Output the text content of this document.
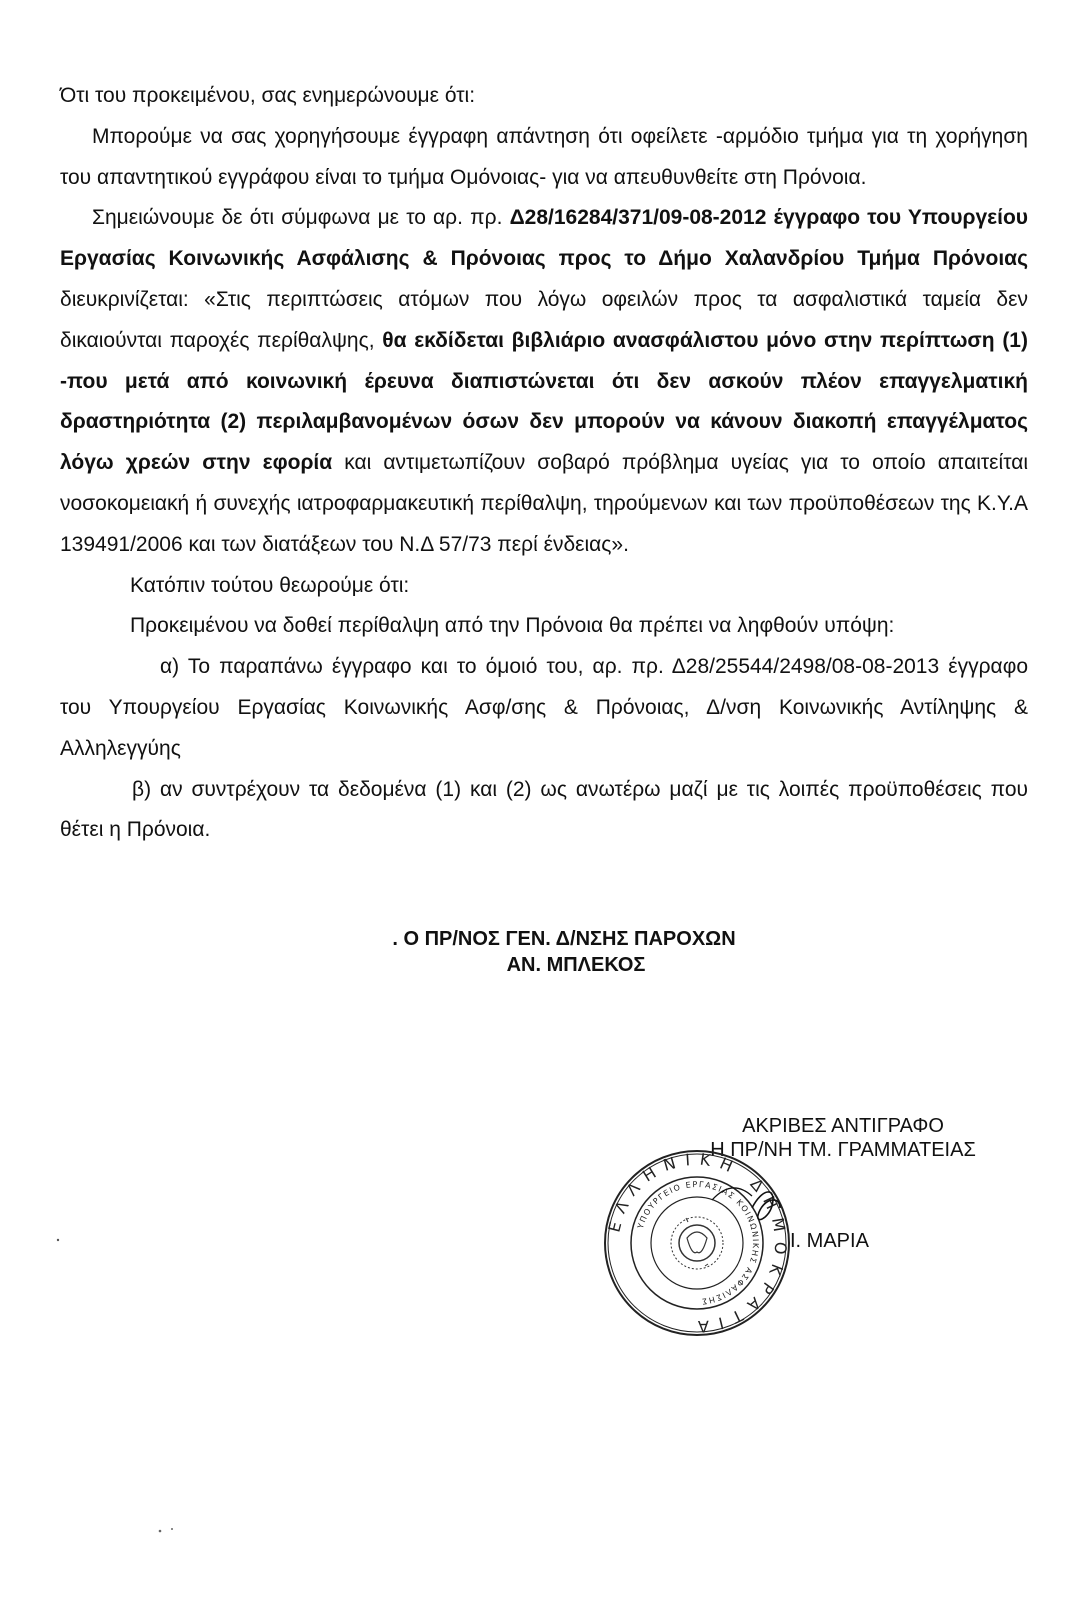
Ότι του προκειμένου, σας ενημερώνουμε ότι:

Μπορούμε να σας χορηγήσουμε έγγραφη απάντηση ότι οφείλετε -αρμόδιο τμήμα για τη χορήγηση του απαντητικού εγγράφου είναι το τμήμα Ομόνοιας- για να απευθυνθείτε στη Πρόνοια.

Σημειώνουμε δε ότι σύμφωνα με το αρ. πρ. Δ28/16284/371/09-08-2012 έγγραφο του Υπουργείου Εργασίας Κοινωνικής Ασφάλισης & Πρόνοιας προς το Δήμο Χαλανδρίου Τμήμα Πρόνοιας διευκρινίζεται: «Στις περιπτώσεις ατόμων που λόγω οφειλών προς τα ασφαλιστικά ταμεία δεν δικαιούνται παροχές περίθαλψης, θα εκδίδεται βιβλιάριο ανασφάλιστου μόνο στην περίπτωση (1) -που μετά από κοινωνική έρευνα διαπιστώνεται ότι δεν ασκούν πλέον επαγγελματική δραστηριότητα (2) περιλαμβανομένων όσων δεν μπορούν να κάνουν διακοπή επαγγέλματος λόγω χρεών στην εφορία και αντιμετωπίζουν σοβαρό πρόβλημα υγείας για το οποίο απαιτείται νοσοκομειακή ή συνεχής ιατροφαρμακευτική περίθαλψη, τηρούμενων και των προϋποθέσεων της Κ.Υ.Α 139491/2006 και των διατάξεων του Ν.Δ 57/73 περί ένδειας».

Κατόπιν τούτου θεωρούμε ότι:

Προκειμένου να δοθεί περίθαλψη από την Πρόνοια θα πρέπει να ληφθούν υπόψη:

α) Το παραπάνω έγγραφο και το όμοιό του, αρ. πρ. Δ28/25544/2498/08-08-2013 έγγραφο του Υπουργείου Εργασίας Κοινωνικής Ασφ/σης & Πρόνοιας, Δ/νση Κοινωνικής Αντίληψης & Αλληλεγγύης

β) αν συντρέχουν τα δεδομένα (1) και (2) ως ανωτέρω μαζί με τις λοιπές προϋποθέσεις που θέτει η Πρόνοια.

. Ο ΠΡ/ΝΟΣ ΓΕΝ. Δ/ΝΣΗΣ ΠΑΡΟΧΩΝ
ΑΝ. ΜΠΛΕΚΟΣ
ΑΚΡΙΒΕΣ ΑΝΤΙΓΡΑΦΟ
Η ΠΡ/ΝΗ ΤΜ. ΓΡΑΜΜΑΤΕΙΑΣ
Ι. ΜΑΡΙΑ
ΕΛΛΗΝΙΚΗ ΔΗΜΟΚΡΑΤΙΑ
ΥΠΟΥΡΓΕΙΟ ΕΡΓΑΣΙΑΣ ΚΟΙΝΩΝΙΚΗΣ ΑΣΦΑΛΙΣΗΣ
